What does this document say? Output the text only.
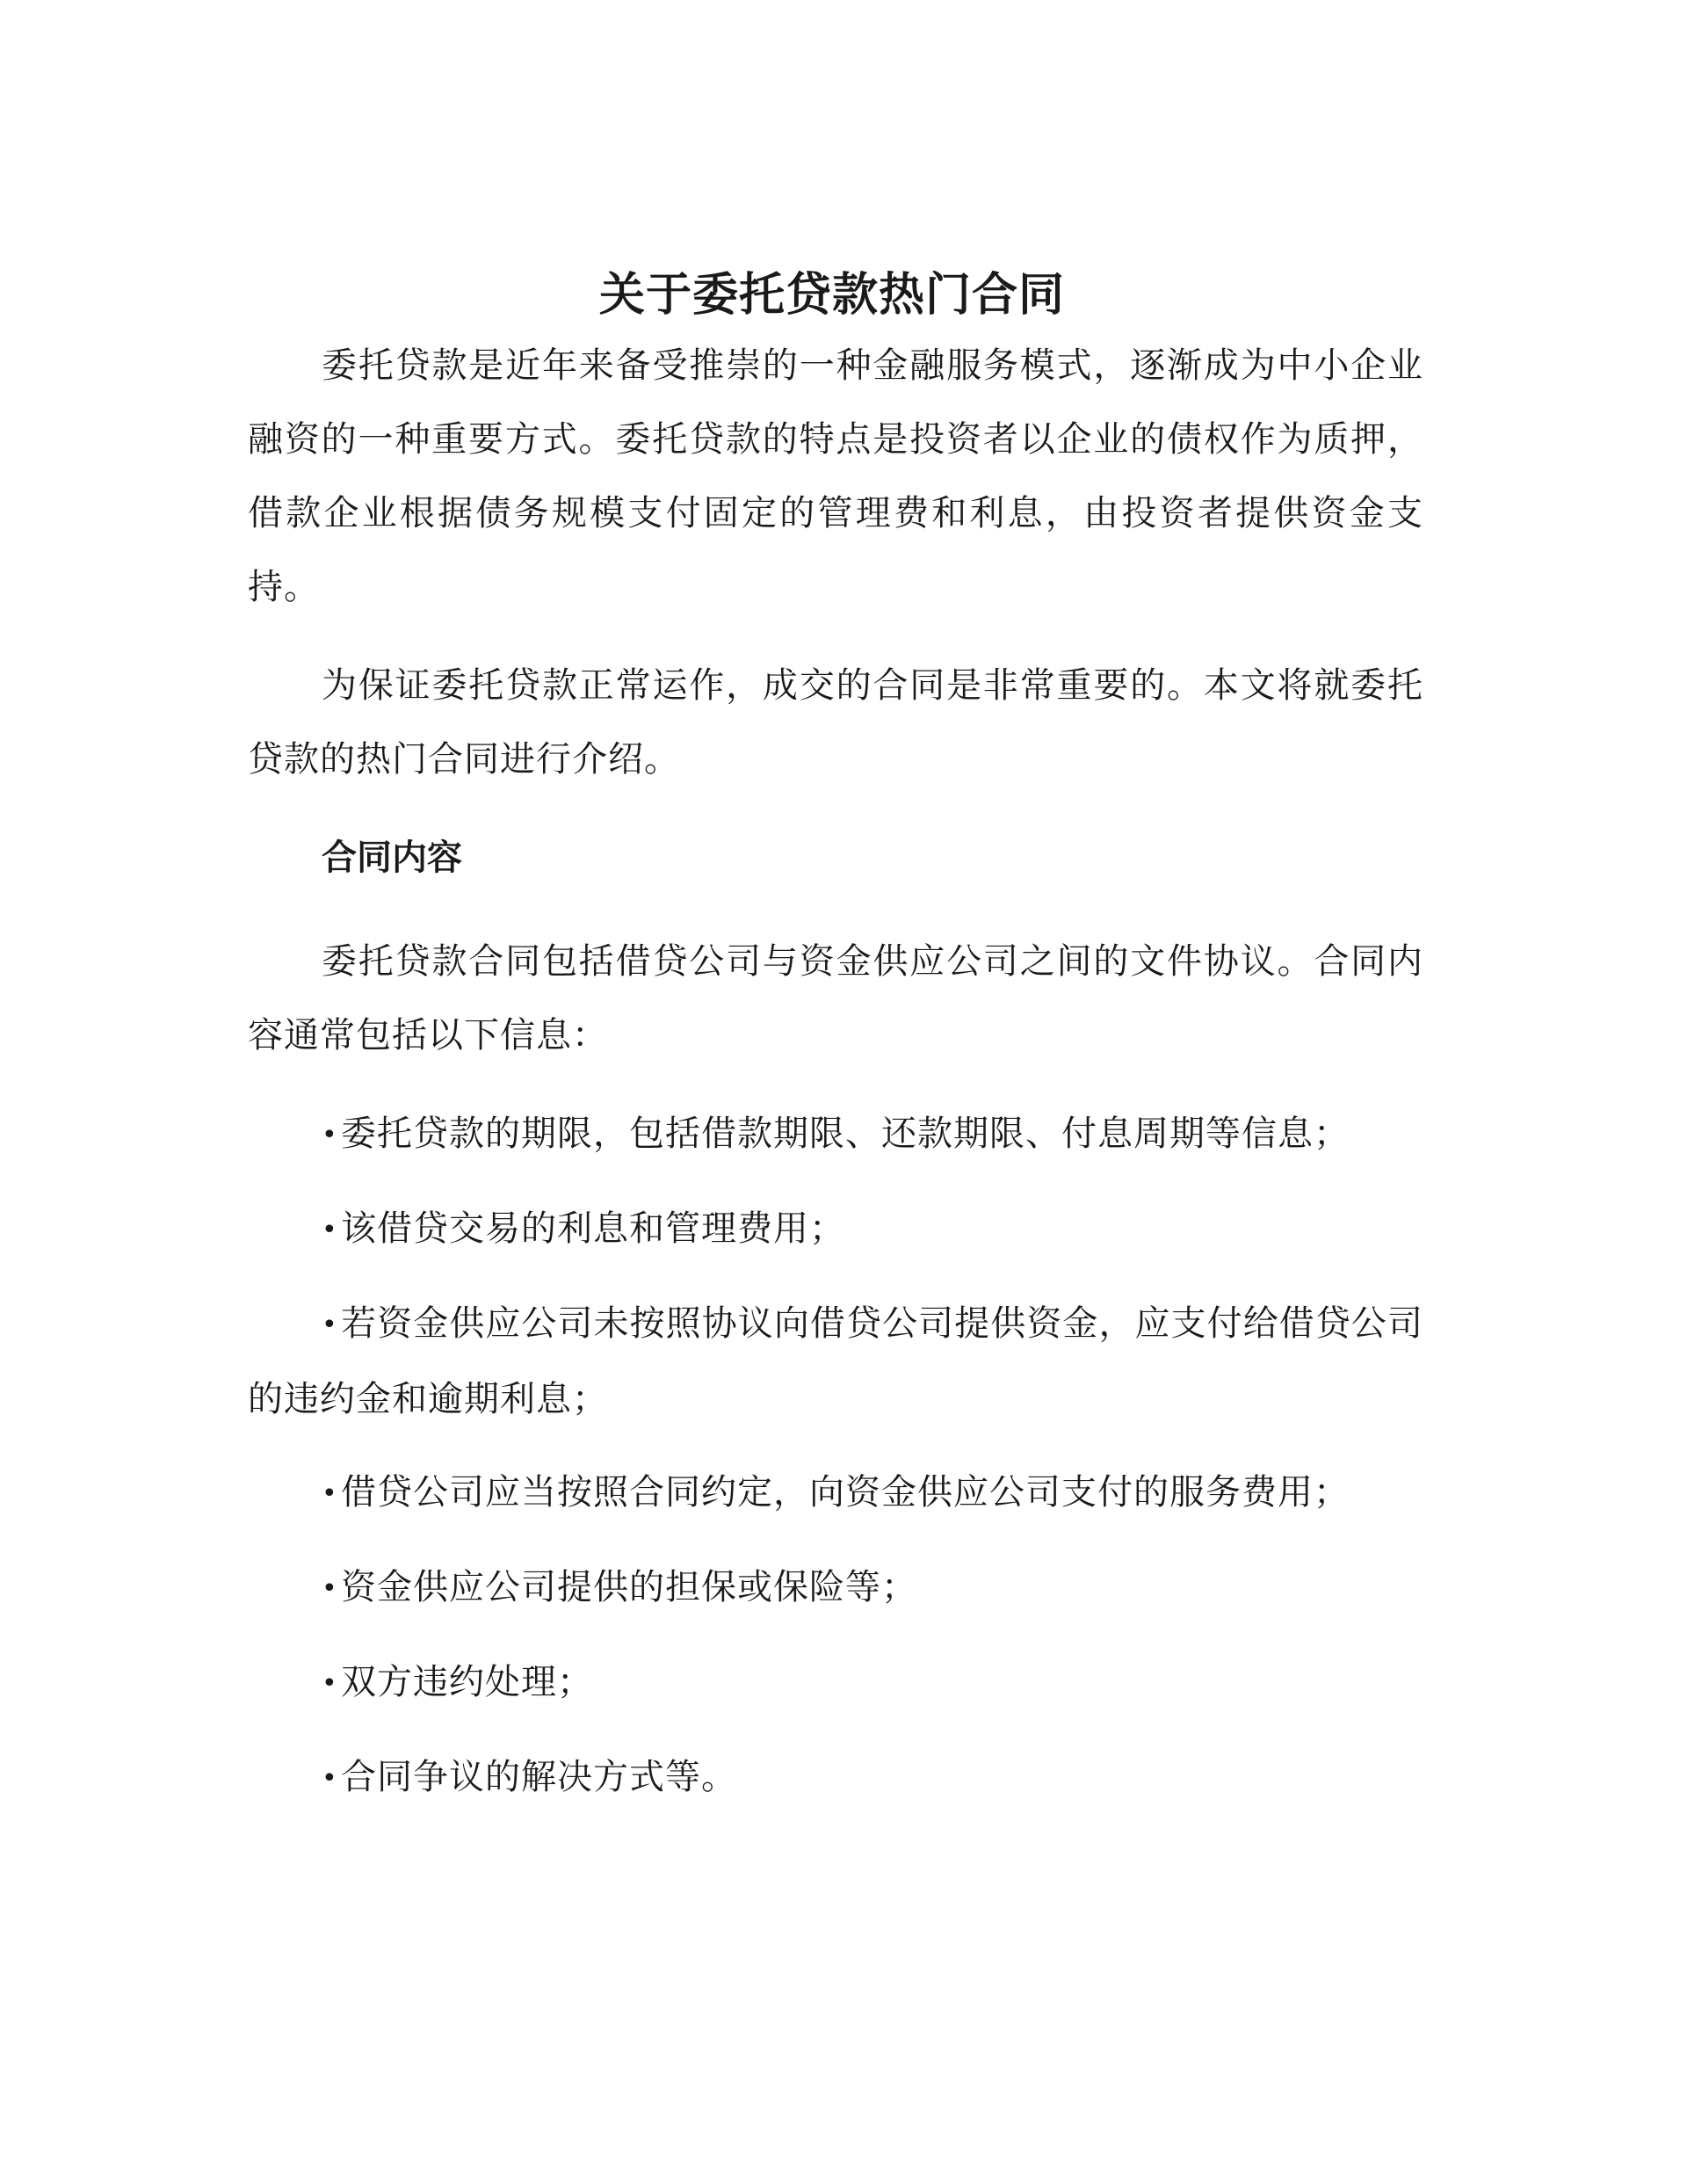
关于委托贷款热门合同

委托贷款是近年来备受推崇的一种金融服务模式，逐渐成为中小企业融资的一种重要方式。委托贷款的特点是投资者以企业的债权作为质押，借款企业根据债务规模支付固定的管理费和利息，由投资者提供资金支持。

为保证委托贷款正常运作，成交的合同是非常重要的。本文将就委托贷款的热门合同进行介绍。

合同内容

委托贷款合同包括借贷公司与资金供应公司之间的文件协议。合同内容通常包括以下信息：

•委托贷款的期限，包括借款期限、还款期限、付息周期等信息；
•该借贷交易的利息和管理费用；
•若资金供应公司未按照协议向借贷公司提供资金，应支付给借贷公司的违约金和逾期利息；
•借贷公司应当按照合同约定，向资金供应公司支付的服务费用；
•资金供应公司提供的担保或保险等；
•双方违约处理；
•合同争议的解决方式等。
